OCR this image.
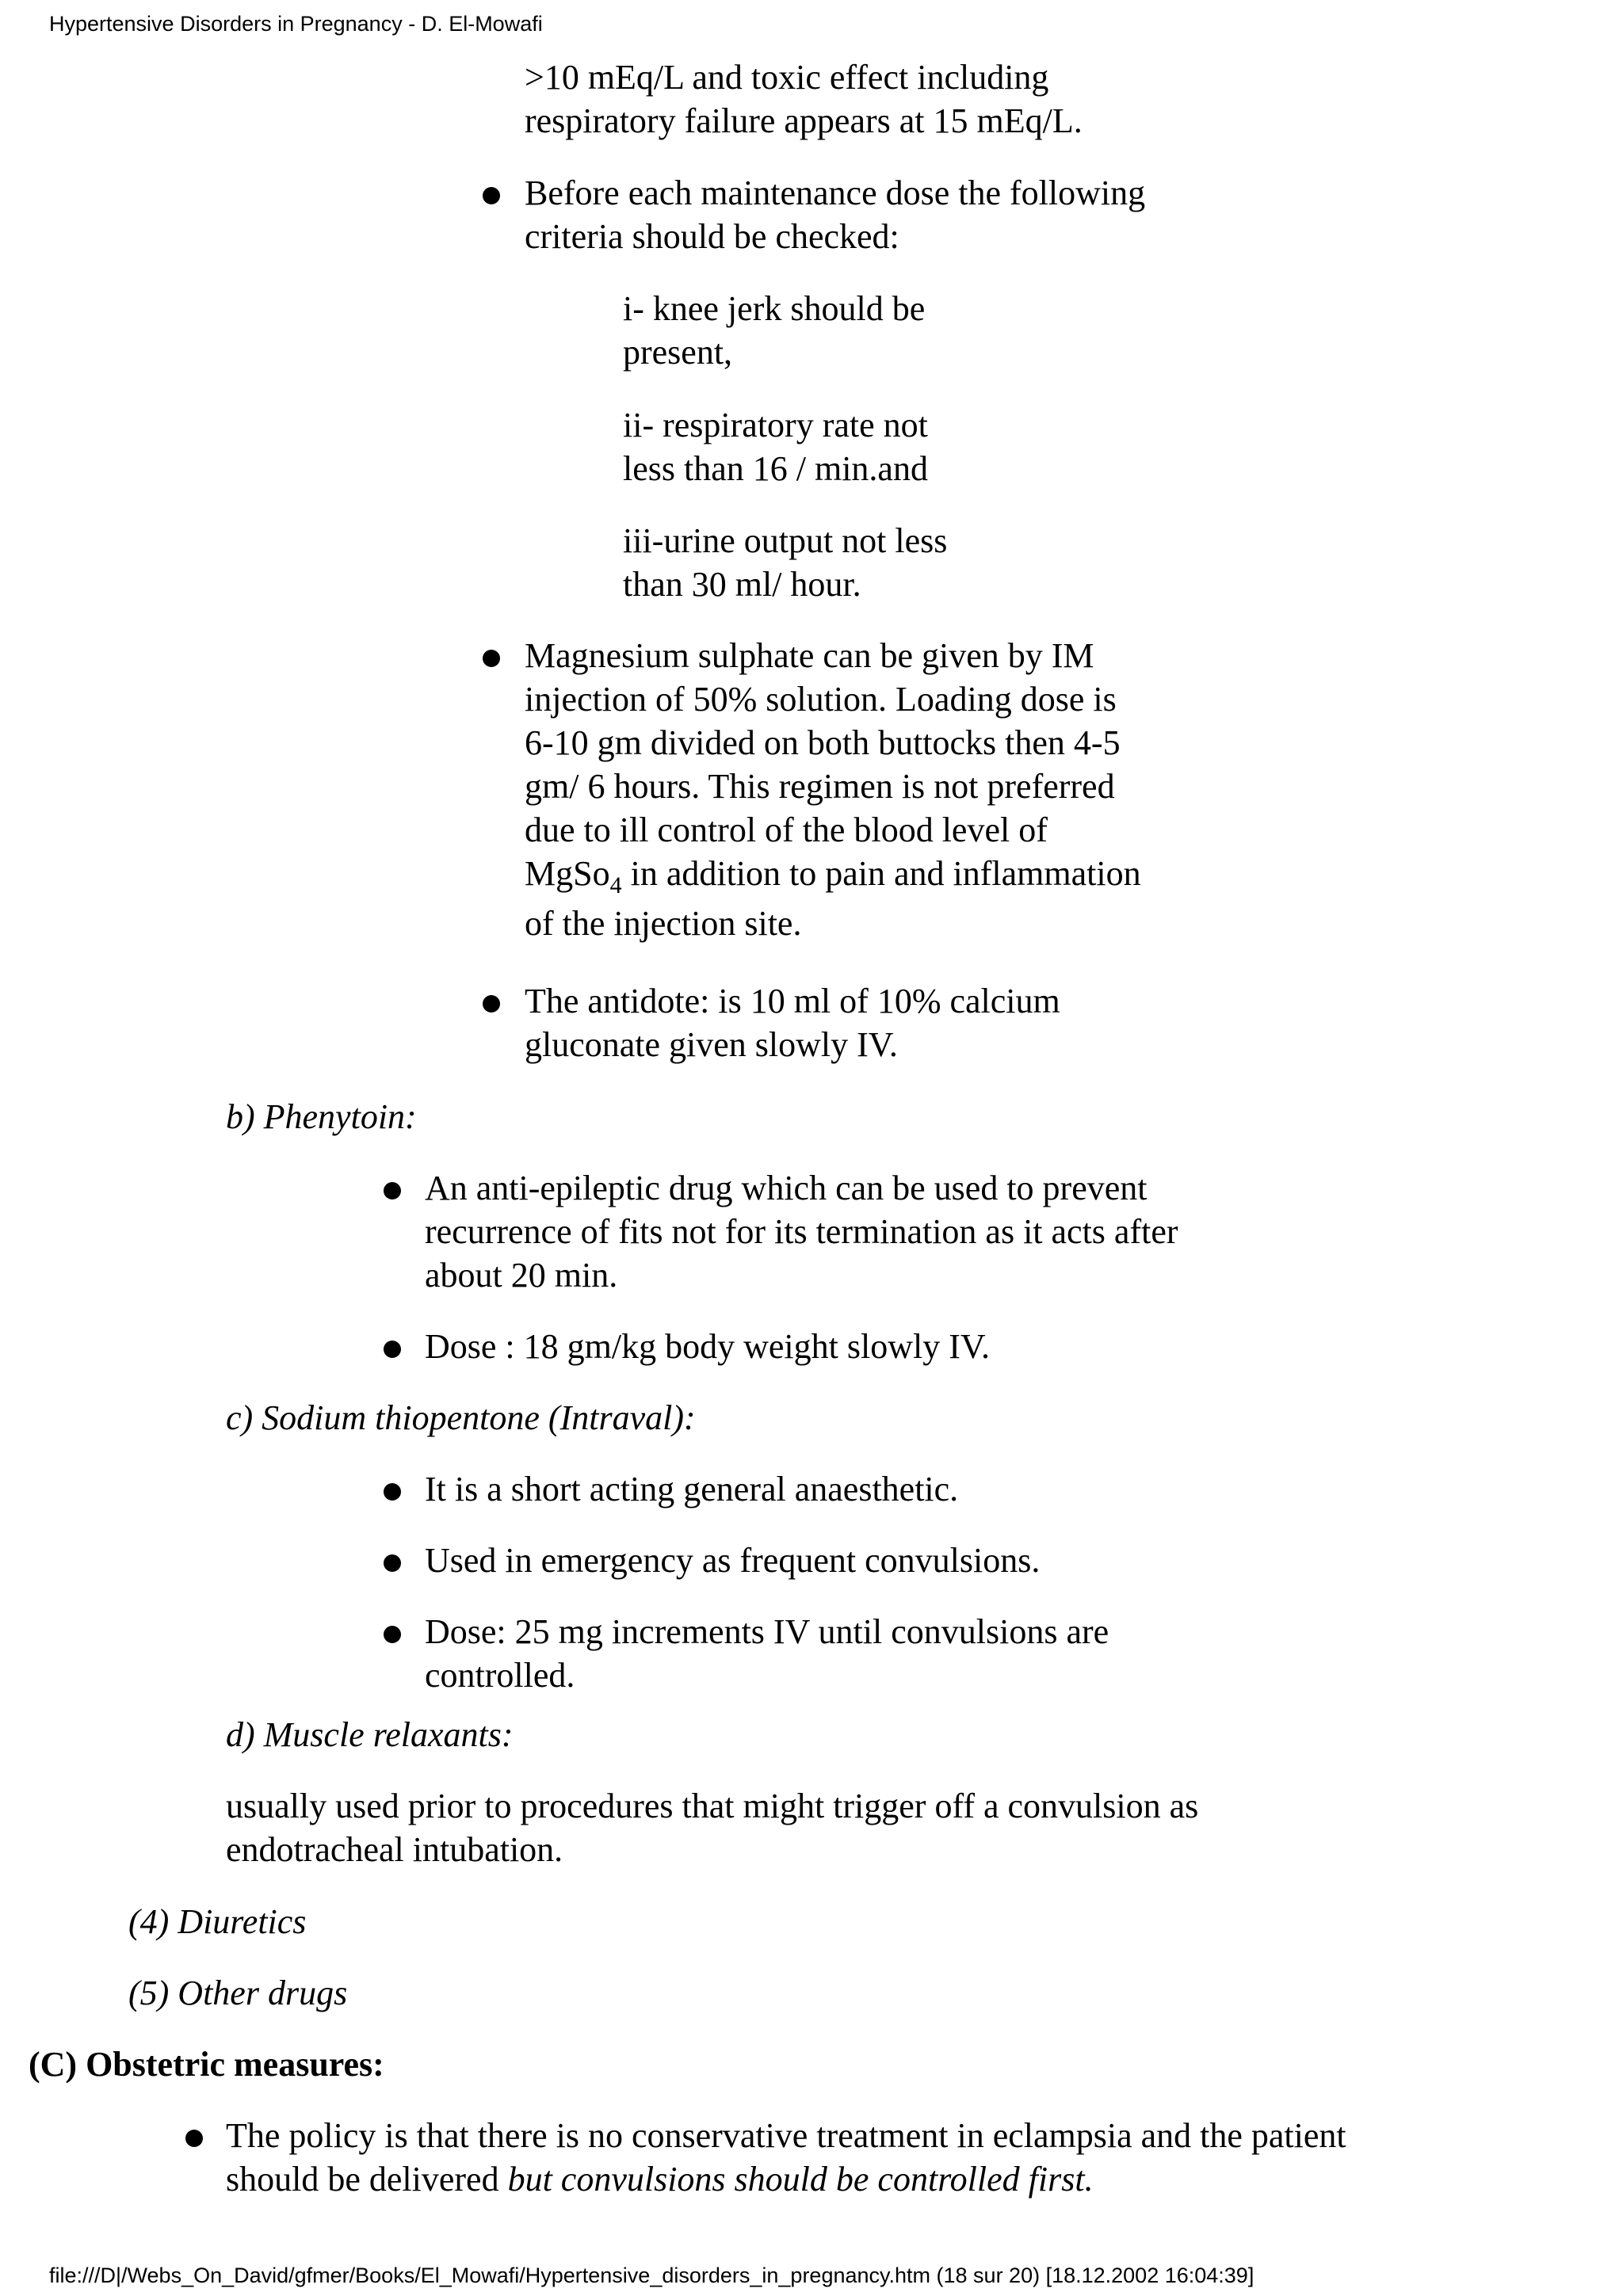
Hypertensive Disorders in Pregnancy - D. El-Mowafi
>10 mEq/L and toxic effect including
respiratory failure appears at 15 mEq/L.
Before each maintenance dose the following
criteria should be checked:
i- knee jerk should be
present,
ii- respiratory rate not
less than 16 / min.and
iii-urine output not less
than 30 ml/ hour.
Magnesium sulphate can be given by IM
injection of 50% solution. Loading dose is
6-10 gm divided on both buttocks then 4-5
gm/ 6 hours. This regimen is not preferred
due to ill control of the blood level of
MgSo$_4$ in addition to pain and inflammation
of the injection site.
The antidote: is 10 ml of 10% calcium
gluconate given slowly IV.
b) Phenytoin:
An anti-epileptic drug which can be used to prevent
recurrence of fits not for its termination as it acts after
about 20 min.
Dose : 18 gm/kg body weight slowly IV.
c) Sodium thiopentone (Intraval):
It is a short acting general anaesthetic.
Used in emergency as frequent convulsions.
Dose: 25 mg increments IV until convulsions are
controlled.
d) Muscle relaxants:
usually used prior to procedures that might trigger off a convulsion as
endotracheal intubation.
(4) Diuretics
(5) Other drugs
(C) Obstetric measures:
The policy is that there is no conservative treatment in eclampsia and the patient
should be delivered but convulsions should be controlled first.
file:///D|/Webs_On_David/gfmer/Books/El_Mowafi/Hypertensive_disorders_in_pregnancy.htm (18 sur 20) [18.12.2002 16:04:39]
